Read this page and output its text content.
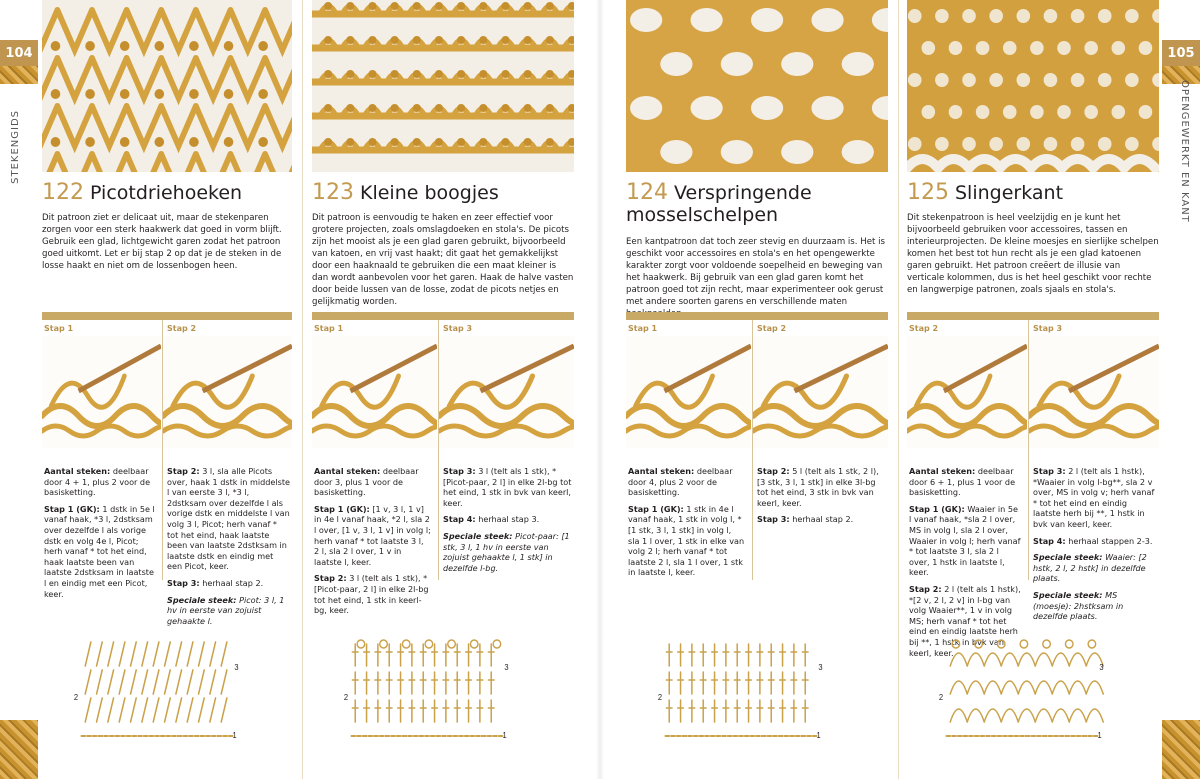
104	105
STEKENGIDS	OPENGEWERKT EN KANT
122 Picotdriehoeken
Dit patroon ziet er delicaat uit, maar de stekenparen zorgen voor een sterk haakwerk dat goed in vorm blijft. Gebruik een glad, lichtgewicht garen zodat het patroon goed uitkomt. Let er bij stap 2 op dat je de steken in de losse haakt en niet om de lossenbogen heen.
Stap 1	Stap 2

Aantal steken: deelbaar door 4 + 1, plus 2 voor de basisketting.

Stap 1 (GK): 1 dstk in 5e l vanaf haak, *3 l, 2dstksam over dezelfde l als vorige dstk en volg 4e l, Picot; herh vanaf * tot het eind, haak laatste been van laatste 2dstksam in laatste l en eindig met een Picot, keer.

Stap 2: 3 l, sla alle Picots over, haak 1 dstk in middelste l van eerste 3 l, *3 l, 2dstksam over dezelfde l als vorige dstk en middelste l van volg 3 l, Picot; herh vanaf * tot het eind, haak laatste been van laatste 2dstksam in laatste dstk en eindig met een Picot, keer.

Stap 3: herhaal stap 2.

Speciale steek: Picot: 3 l, 1 hv in eerste van zojuist gehaakte l.

1
2
3
123 Kleine boogjes
Dit patroon is eenvoudig te haken en zeer effectief voor grotere projecten, zoals omslagdoeken en stola's. De picots zijn het mooist als je een glad garen gebruikt, bijvoorbeeld van katoen, en vrij vast haakt; dit gaat het gemakkelijkst door een haaknaald te gebruiken die een maat kleiner is dan wordt aanbevolen voor het garen. Haak de halve vasten door beide lussen van de losse, zodat de picots netjes en gelijkmatig worden.
Stap 1	Stap 3

Aantal steken: deelbaar door 3, plus 1 voor de basisketting.

Stap 1 (GK): [1 v, 3 l, 1 v] in 4e l vanaf haak, *2 l, sla 2 l over, [1 v, 3 l, 1 v] in volg l; herh vanaf * tot laatste 3 l, 2 l, sla 2 l over, 1 v in laatste l, keer.

Stap 2: 3 l (telt als 1 stk), *[Picot-paar, 2 l] in elke 2l-bg tot het eind, 1 stk in keerl-bg, keer.

Stap 3: 3 l (telt als 1 stk), *[Picot-paar, 2 l] in elke 2l-bg tot het eind, 1 stk in bvk van keerl, keer.

Stap 4: herhaal stap 3.

Speciale steek: Picot-paar: [1 stk, 3 l, 1 hv in eerste van zojuist gehaakte l, 1 stk] in dezelfde l-bg.

1
2
3
124 Verspringende mosselschelpen
Een kantpatroon dat toch zeer stevig en duurzaam is. Het is geschikt voor accessoires en stola's en het opengewerkte karakter zorgt voor voldoende soepelheid en beweging van het haakwerk. Bij gebruik van een glad garen komt het patroon goed tot zijn recht, maar experimenteer ook gerust met andere soorten garens en verschillende maten
Stap 1	Stap 2

Aantal steken: deelbaar door 4, plus 2 voor de basisketting.

Stap 1 (GK): 1 stk in 4e l vanaf haak, 1 stk in volg l, *[1 stk, 3 l, 1 stk] in volg l, sla 1 l over, 1 stk in elke van volg 2 l; herh vanaf * tot laatste 2 l, sla 1 l over, 1 stk in laatste l, keer.

Stap 2: 5 l (telt als 1 stk, 2 l), [3 stk, 3 l, 1 stk] in elke 3l-bg tot het eind, 3 stk in bvk van keerl, keer.

Stap 3: herhaal stap 2.

1
2
3
125 Slingerkant
Dit stekenpatroon is heel veelzijdig en je kunt het bijvoorbeeld gebruiken voor accessoires, tassen en interieurprojecten. De kleine moesjes en sierlijke schelpen komen het best tot hun recht als je een glad katoenen garen gebruikt. Het patroon creëert de illusie van verticale kolommen, dus is het heel geschikt voor rechte en langwerpige patronen, zoals sjaals en stola's.
Stap 2	Stap 3

Aantal steken: deelbaar door 6 + 1, plus 1 voor de basisketting.

Stap 1 (GK): Waaier in 5e l vanaf haak, *sla 2 l over, MS in volg l, sla 2 l over, Waaier in volg l; herh vanaf * tot laatste 3 l, sla 2 l over, 1 hstk in laatste l, keer.

Stap 2: 2 l (telt als 1 hstk), *[2 v, 2 l, 2 v] in l-bg van volg Waaier**, 1 v in volg MS; herh vanaf * tot het eind en eindig laatste herh bij **, 1 hstk in bvk van keerl, keer.

Stap 3: 2 l (telt als 1 hstk), *Waaier in volg l-bg**, sla 2 v over, MS in volg v; herh vanaf * tot het eind en eindig laatste herh bij **, 1 hstk in bvk van keerl, keer.

Stap 4: herhaal stappen 2-3.

Speciale steek: Waaier: [2 hstk, 2 l, 2 hstk] in dezelfde plaats.

Speciale steek: MS (moesje): 2hstksam in dezelfde plaats.

1
2
3
